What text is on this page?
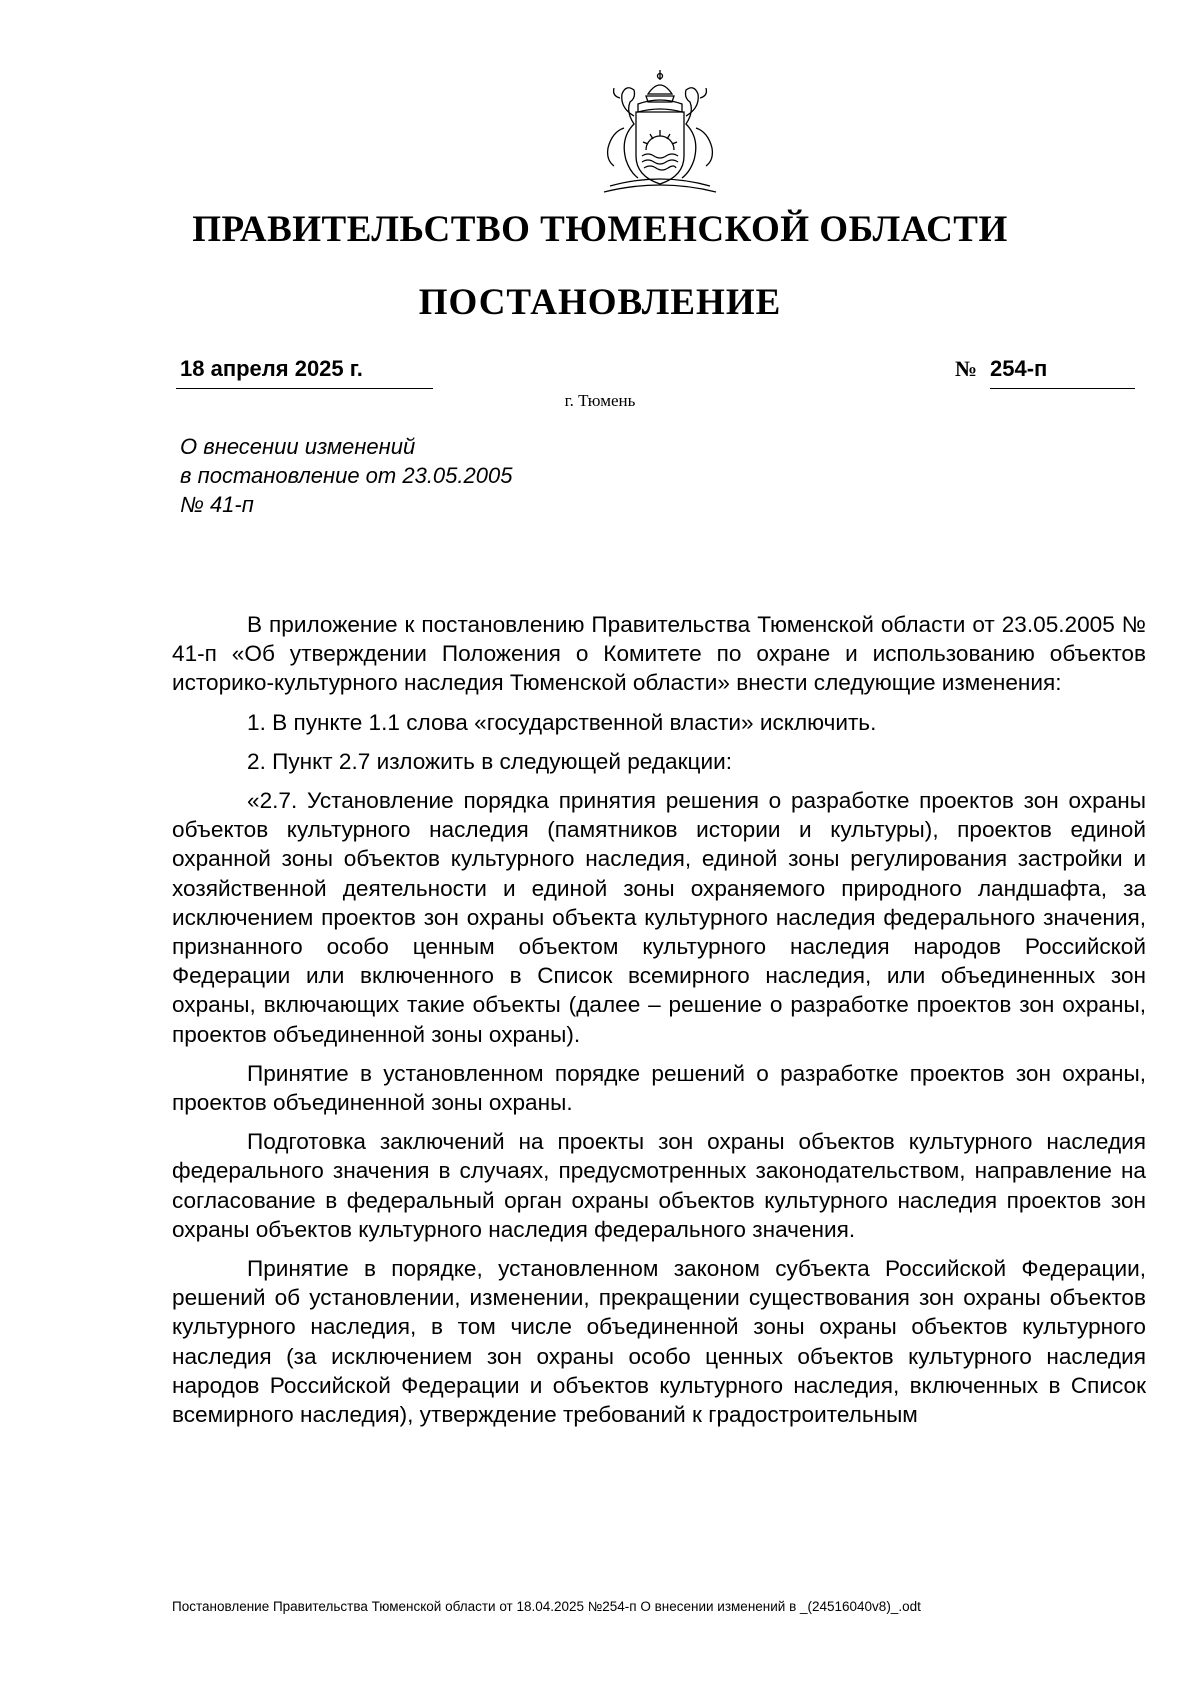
ПРАВИТЕЛЬСТВО ТЮМЕНСКОЙ ОБЛАСТИ
ПОСТАНОВЛЕНИЕ
18 апреля 2025 г.	№ 254-п
г. Тюмень
О внесении изменений
в постановление от 23.05.2005
№ 41-п

В приложение к постановлению Правительства Тюменской области от 23.05.2005 № 41-п «Об утверждении Положения о Комитете по охране и использованию объектов историко-культурного наследия Тюменской области» внести следующие изменения:

1. В пункте 1.1 слова «государственной власти» исключить.

2. Пункт 2.7 изложить в следующей редакции:

«2.7. Установление порядка принятия решения о разработке проектов зон охраны объектов культурного наследия (памятников истории и культуры), проектов единой охранной зоны объектов культурного наследия, единой зоны регулирования застройки и хозяйственной деятельности и единой зоны охраняемого природного ландшафта, за исключением проектов зон охраны объекта культурного наследия федерального значения, признанного особо ценным объектом культурного наследия народов Российской Федерации или включенного в Список всемирного наследия, или объединенных зон охраны, включающих такие объекты (далее – решение о разработке проектов зон охраны, проектов объединенной зоны охраны).

Принятие в установленном порядке решений о разработке проектов зон охраны, проектов объединенной зоны охраны.

Подготовка заключений на проекты зон охраны объектов культурного наследия федерального значения в случаях, предусмотренных законодательством, направление на согласование в федеральный орган охраны объектов культурного наследия проектов зон охраны объектов культурного наследия федерального значения.

Принятие в порядке, установленном законом субъекта Российской Федерации, решений об установлении, изменении, прекращении существования зон охраны объектов культурного наследия, в том числе объединенной зоны охраны объектов культурного наследия (за исключением зон охраны особо ценных объектов культурного наследия народов Российской Федерации и объектов культурного наследия, включенных в Список всемирного наследия), утверждение требований к градостроительным

Постановление Правительства Тюменской области от 18.04.2025 №254-п О внесении изменений в _(24516040v8)_.odt
